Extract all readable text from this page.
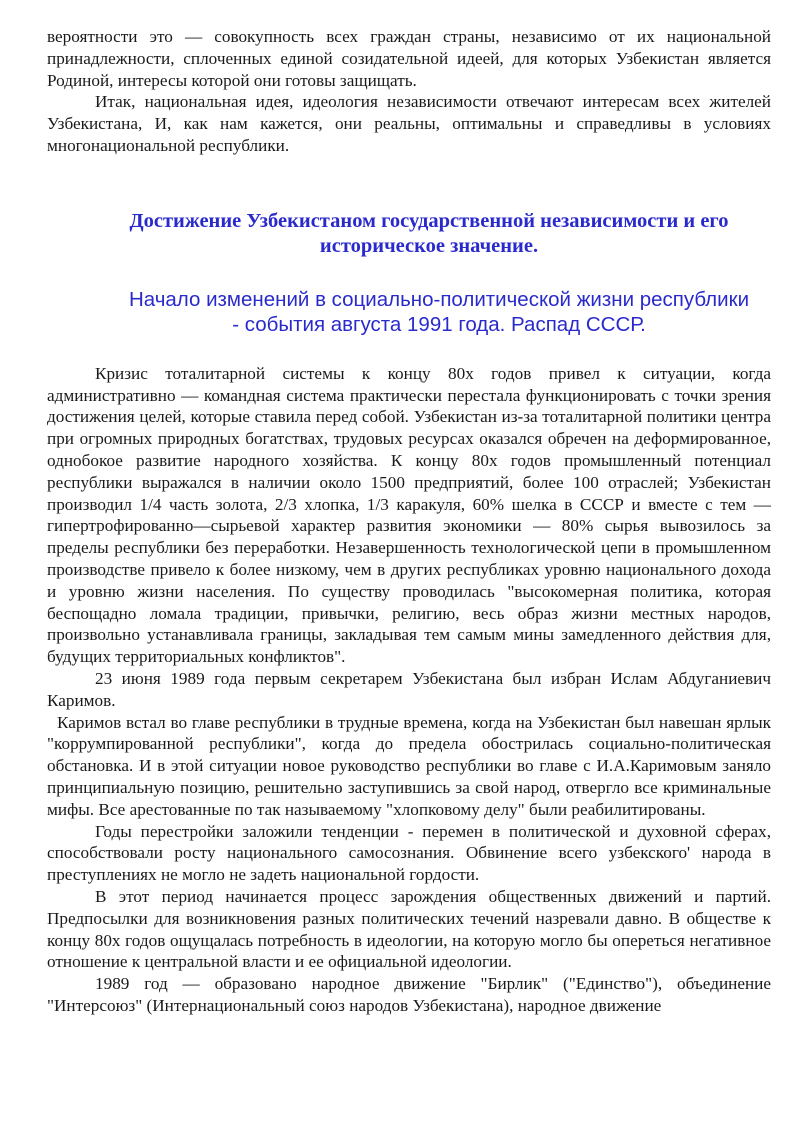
вероятности это — совокупность всех граждан страны, независимо от их национальной принадлежности, сплоченных единой созидательной идеей, для которых Узбекистан является Родиной, интересы которой они готовы защищать.

Итак, национальная идея, идеология независимости отвечают интересам всех жителей Узбекистана, И, как нам кажется, они реальны, оптимальны и справедливы в условиях многонациональной республики.

Достижение Узбекистаном государственной независимости и его
историческое значение.
Начало изменений в социально-политической жизни республики
- события августа 1991 года. Распад СССР.

Кризис тоталитарной системы к концу 80х годов привел к ситуации, когда административно — командная система практически перестала функционировать с точки зрения достижения целей, которые ставила перед собой. Узбекистан из-за тоталитарной политики центра при огромных природных богатствах, трудовых ресурсах оказался обречен на деформированное, однобокое развитие народного хозяйства. К концу 80х годов промышленный потенциал республики выражался в наличии около 1500 предприятий, более 100 отраслей; Узбекистан производил 1/4 часть золота, 2/3 хлопка, 1/3 каракуля, 60% шелка в СССР и вместе с тем — гипертрофированно—сырьевой характер развития экономики — 80% сырья вывозилось за пределы республики без переработки. Незавершенность технологической цепи в промышленном производстве привело к более низкому, чем в других республиках уровню национального дохода и уровню жизни населения. По существу проводилась "высокомерная политика, которая беспощадно ломала традиции, привычки, религию, весь образ жизни местных народов, произвольно устанавливала границы, закладывая тем самым мины замедленного действия для, будущих территориальных конфликтов".

23 июня 1989 года первым секретарем Узбекистана был избран Ислам Абдуганиевич Каримов.

Каримов встал во главе республики в трудные времена, когда на Узбекистан был навешан ярлык "коррумпированной республики", когда до предела обострилась социально-политическая обстановка. И в этой ситуации новое руководство республики во главе с И.А.Каримовым заняло принципиальную позицию, решительно заступившись за свой народ, отвергло все криминальные мифы. Все арестованные по так называемому "хлопковому делу" были реабилитированы.

Годы перестройки заложили тенденции - перемен в политической и духовной сферах, способствовали росту национального самосознания. Обвинение всего узбекского' народа в преступлениях не могло не задеть национальной гордости.

В этот период начинается процесс зарождения общественных движений и партий. Предпосылки для возникновения разных политических течений назревали давно. В обществе к концу 80х годов ощущалась потребность в идеологии, на которую могло бы опереться негативное отношение к центральной власти и ее официальной идеологии.

1989 год — образовано народное движение "Бирлик" ("Единство"), объединение "Интерсоюз" (Интернациональный союз народов Узбекистана), народное движение
